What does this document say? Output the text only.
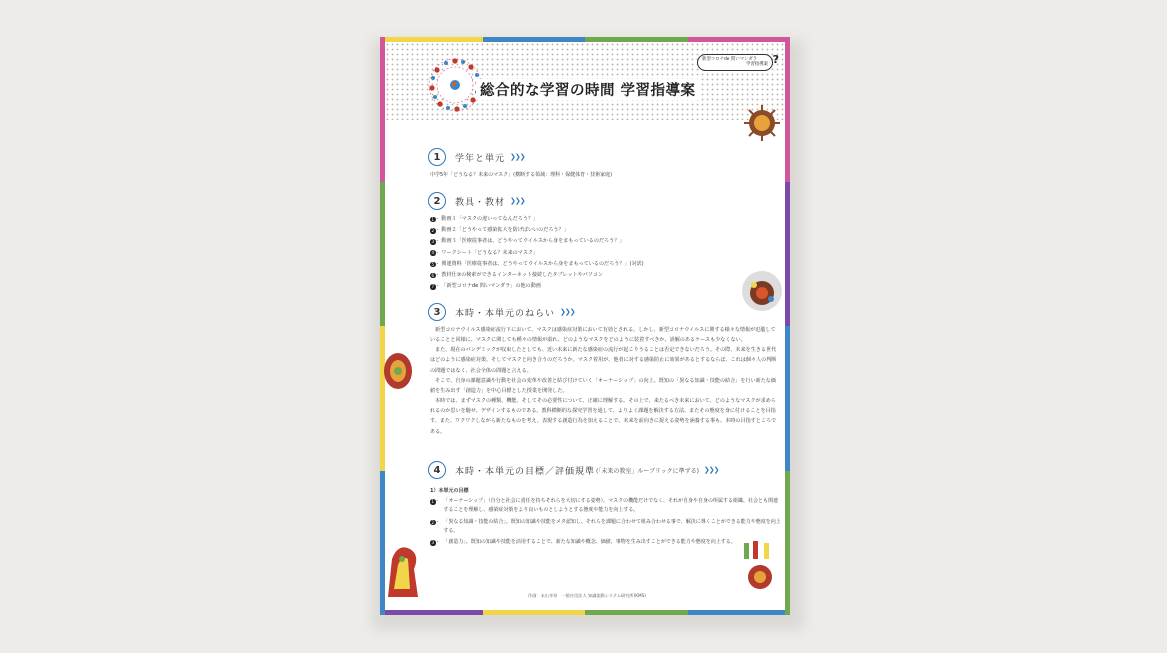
新型コロナde 問いマンダラ
学習指導案 ?
総合的な学習の時間 学習指導案
1	学年と単元 ❯❯❯
中学5年「どうなる？未来のマスク」(横断する領域：理科・保健体育・技術家庭)
2	教具・教材 ❯❯❯
1 - 動画１「マスクの違いってなんだろう？」
2 - 動画２「どうやって感染拡大を防げばいいのだろう？」
3 - 動画３「医療従事者は、どうやってウイルスから身をまもっているのだろう？」
4 - ワークシート「どうなる？未来のマスク」
5 - 関連資料「医療従事者は、どうやってウイルスから身をまもっているのだろう？」(対訳)
6 - 教材仕③の検索ができるインターネット接続したタブレットやパソコン
7 - 「新型コロナde 問いマンダラ」の他の動画
3	本時・本単元のねらい ❯❯❯

新型コロナウイルス感染症流行下において、マスクは感染症対策において有効とされる。しかし、新型コロナウイルスに関する様々な情報が氾濫していることと同様に、マスクに関しても種々の情報が溢れ、どのようなマスクをどのように装着すべきか、誤解のあるケースも少なくない。

また、現在のパンデミックが収束したとしても、近い未来に新たな感染症の流行が起こりうることは否定できないだろう。その際、未来を生きる世代はどのように感染症対策、そしてマスクと向き合うのだろうか。マスク着用が、他者に対する感染防止に効果があるとするならば、これは個々人の判断の問題ではなく、社会全体の問題と言える。

そこで、自身の課題意識や行動を社会の変革や改善と結び付けていく「オーナーシップ」の向上、既知の「異なる知識・技能の結合」を行い新たな価値を生み出す「創造力」を中心目標とした授業を開発した。

本時では、まずマスクの種類、機能、そしてその必要性について、正確に理解する。その上で、来たるべき未来において、どのようなマスクが求められるのか思いを馳せ、デザインするものである。教科横断的な探究学習を通して、よりよく課題を解決する方法、またその態度を身に付けることを目指す。また、ワクワクしながら新たなものを考え、表現する創造行為を加えることで、未来を前向きに捉える姿勢を涵養する事も、本時の目指すところである。

4	本時・本単元の目標／評価規準 (「未来の教室」ルーブリックに準ずる) ❯❯❯
1）本単元の目標
1 -	「オーナーシップ」（自分と社会に責任を持ちそれらを大切にする姿勢）。マスクの機能だけでなく、それが自身や自身の所属する組織、社会とも関連することを理解し、感染症対策をより良いものとしようとする態度や能力を向上する。
2 -	「異なる知識・技能の結合」。既知の知識や技能をメタ認知し、それらを課題に合わせて組み合わせる事で、解決に導くことができる能力や態度を向上する。
3 -	「創造力」。既知の知識や技能を活用することで、新たな知識や概念、価値、事物を生み出すことができる能力や態度を向上する。
作画：未山幸奈　一般社団法人 知識流動システム研究所(KMS)
